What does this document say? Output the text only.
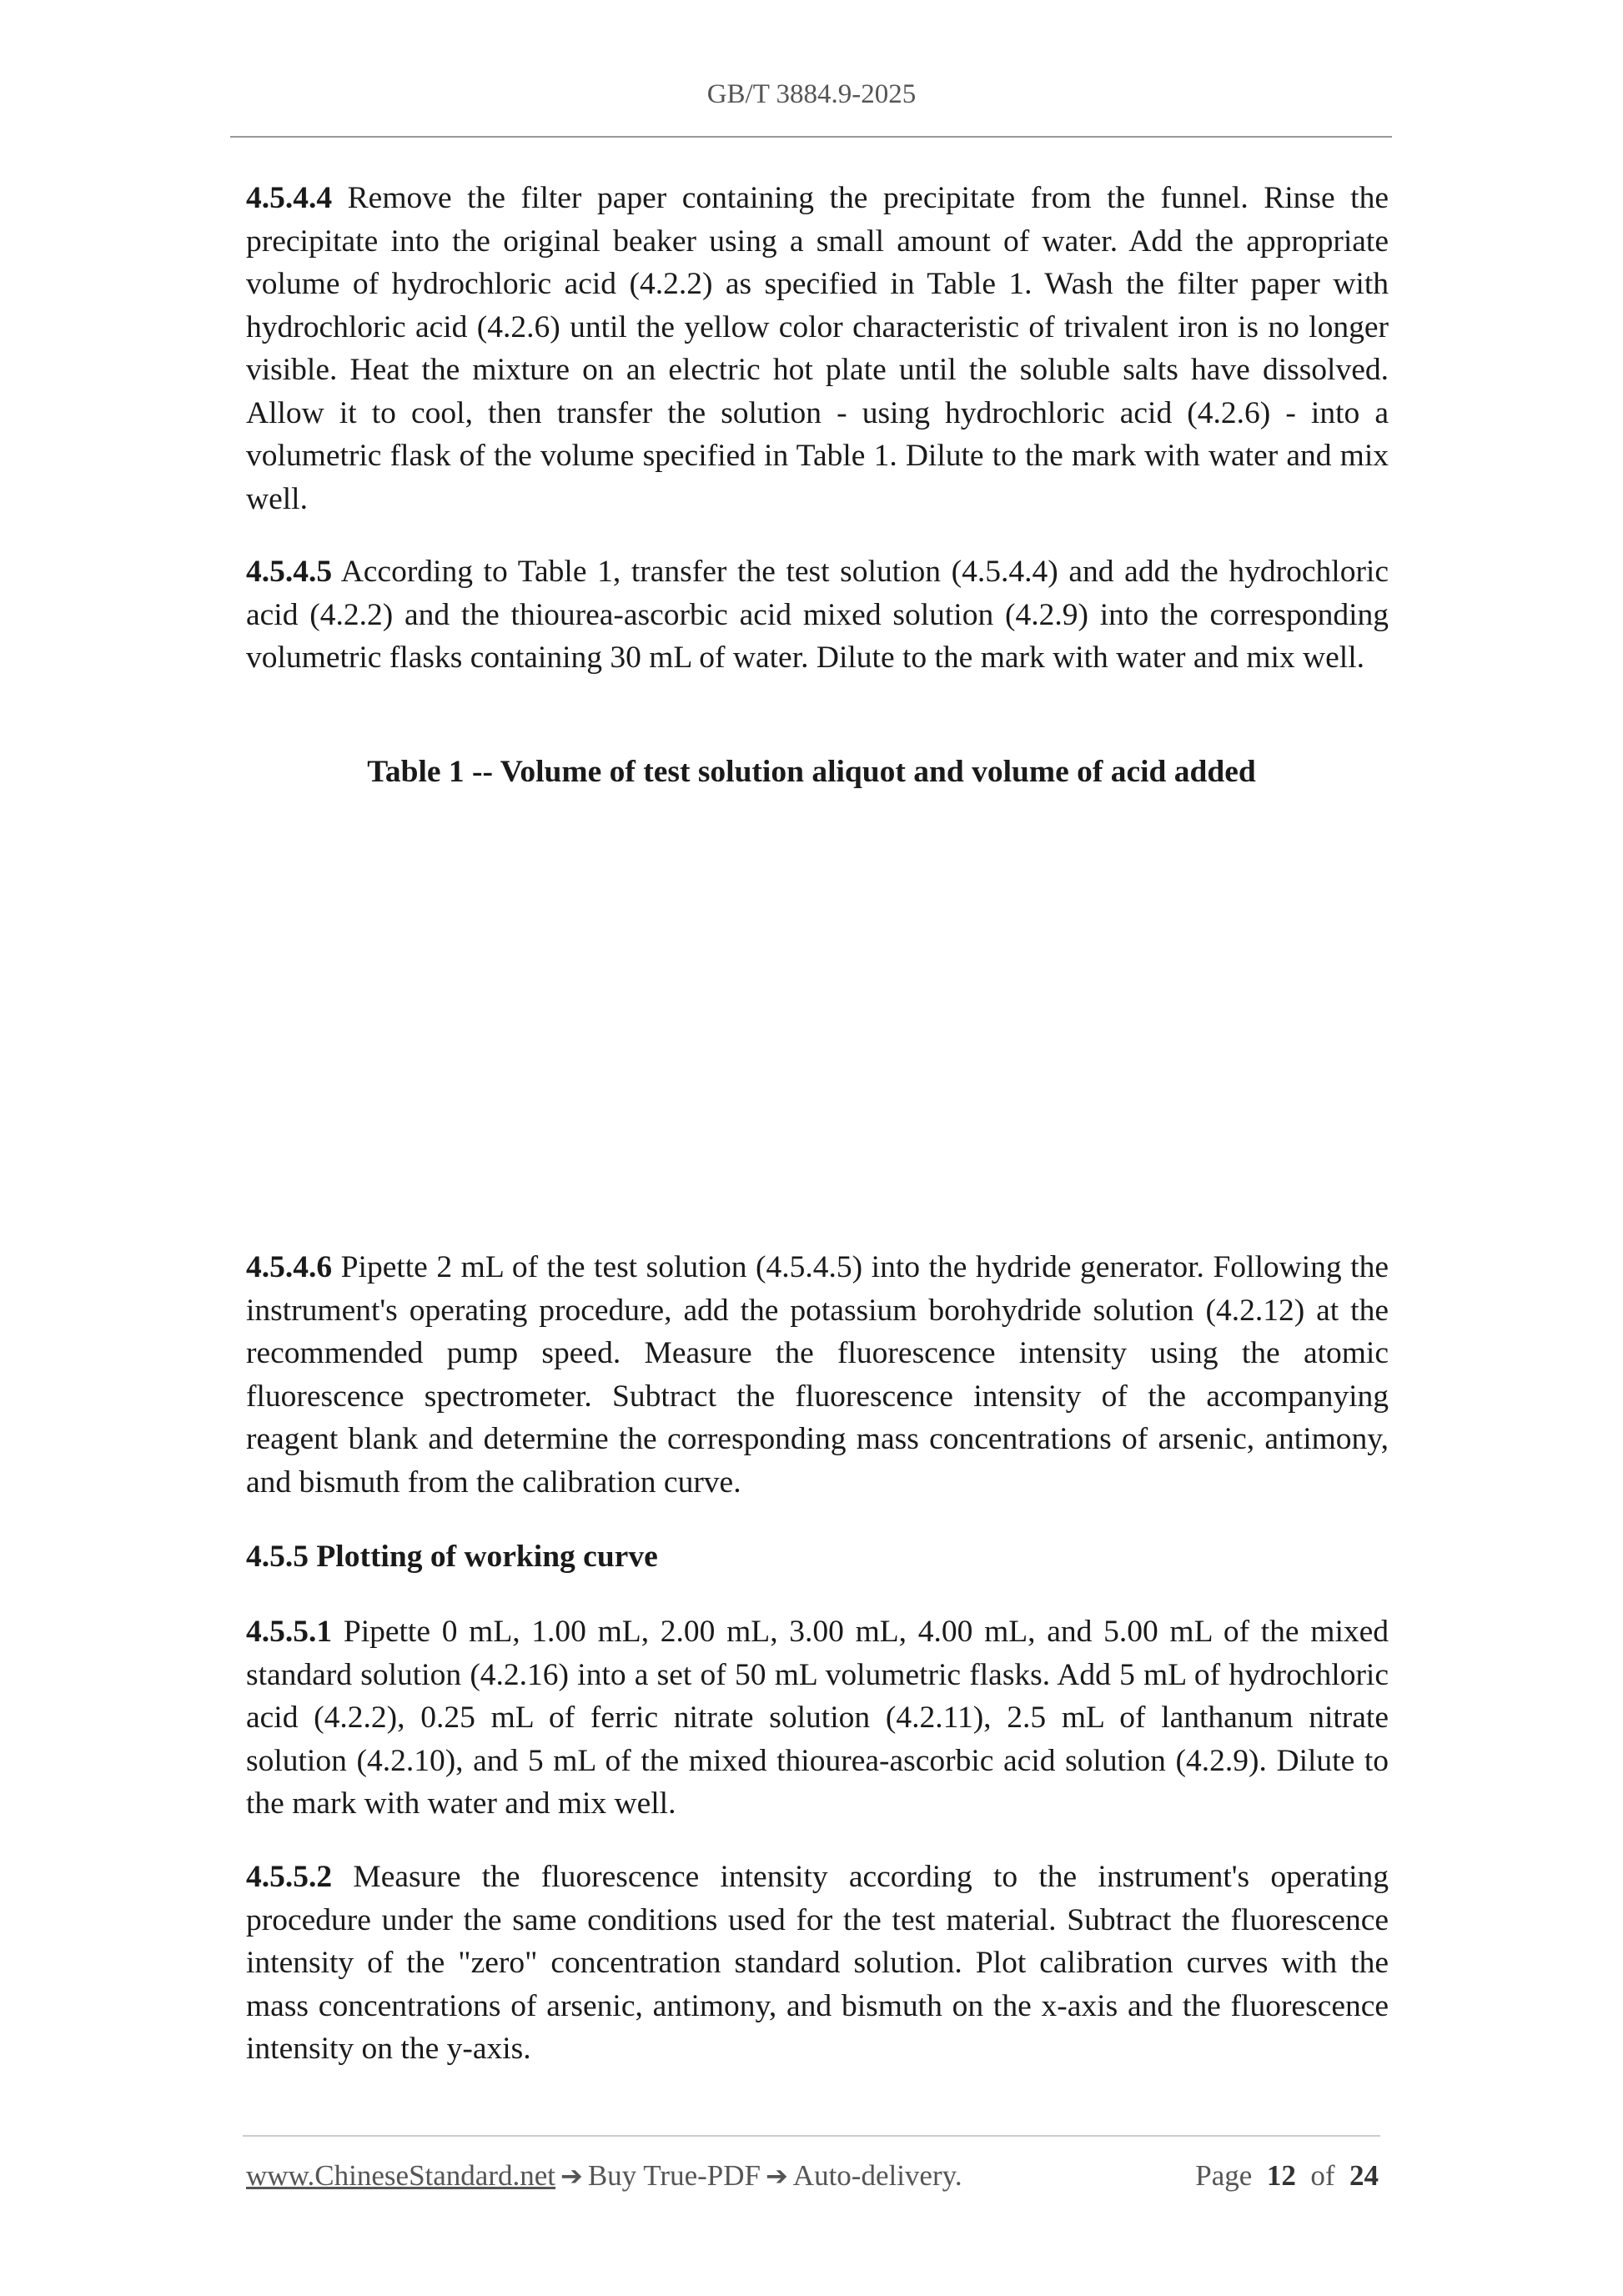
GB/T 3884.9-2025

4.5.4.4 Remove the filter paper containing the precipitate from the funnel. Rinse the precipitate into the original beaker using a small amount of water. Add the appropriate volume of hydrochloric acid (4.2.2) as specified in Table 1. Wash the filter paper with hydrochloric acid (4.2.6) until the yellow color characteristic of trivalent iron is no longer visible. Heat the mixture on an electric hot plate until the soluble salts have dissolved. Allow it to cool, then transfer the solution - using hydrochloric acid (4.2.6) - into a volumetric flask of the volume specified in Table 1. Dilute to the mark with water and mix well.

4.5.4.5 According to Table 1, transfer the test solution (4.5.4.4) and add the hydrochloric acid (4.2.2) and the thiourea-ascorbic acid mixed solution (4.2.9) into the corresponding volumetric flasks containing 30 mL of water. Dilute to the mark with water and mix well.

4.5.4.6 Pipette 2 mL of the test solution (4.5.4.5) into the hydride generator. Following the instrument's operating procedure, add the potassium borohydride solution (4.2.12) at the recommended pump speed. Measure the fluorescence intensity using the atomic fluorescence spectrometer. Subtract the fluorescence intensity of the accompanying reagent blank and determine the corresponding mass concentrations of arsenic, antimony, and bismuth from the calibration curve.

4.5.5 Plotting of working curve

4.5.5.1 Pipette 0 mL, 1.00 mL, 2.00 mL, 3.00 mL, 4.00 mL, and 5.00 mL of the mixed standard solution (4.2.16) into a set of 50 mL volumetric flasks. Add 5 mL of hydrochloric acid (4.2.2), 0.25 mL of ferric nitrate solution (4.2.11), 2.5 mL of lanthanum nitrate solution (4.2.10), and 5 mL of the mixed thiourea-ascorbic acid solution (4.2.9). Dilute to the mark with water and mix well.

4.5.5.2 Measure the fluorescence intensity according to the instrument's operating procedure under the same conditions used for the test material. Subtract the fluorescence intensity of the "zero" concentration standard solution. Plot calibration curves with the mass concentrations of arsenic, antimony, and bismuth on the x-axis and the fluorescence intensity on the y-axis.

Table 1 -- Volume of test solution aliquot and volume of acid added
www.ChineseStandard.net ➔ Buy True-PDF ➔ Auto-delivery.	Page 12 of 24
